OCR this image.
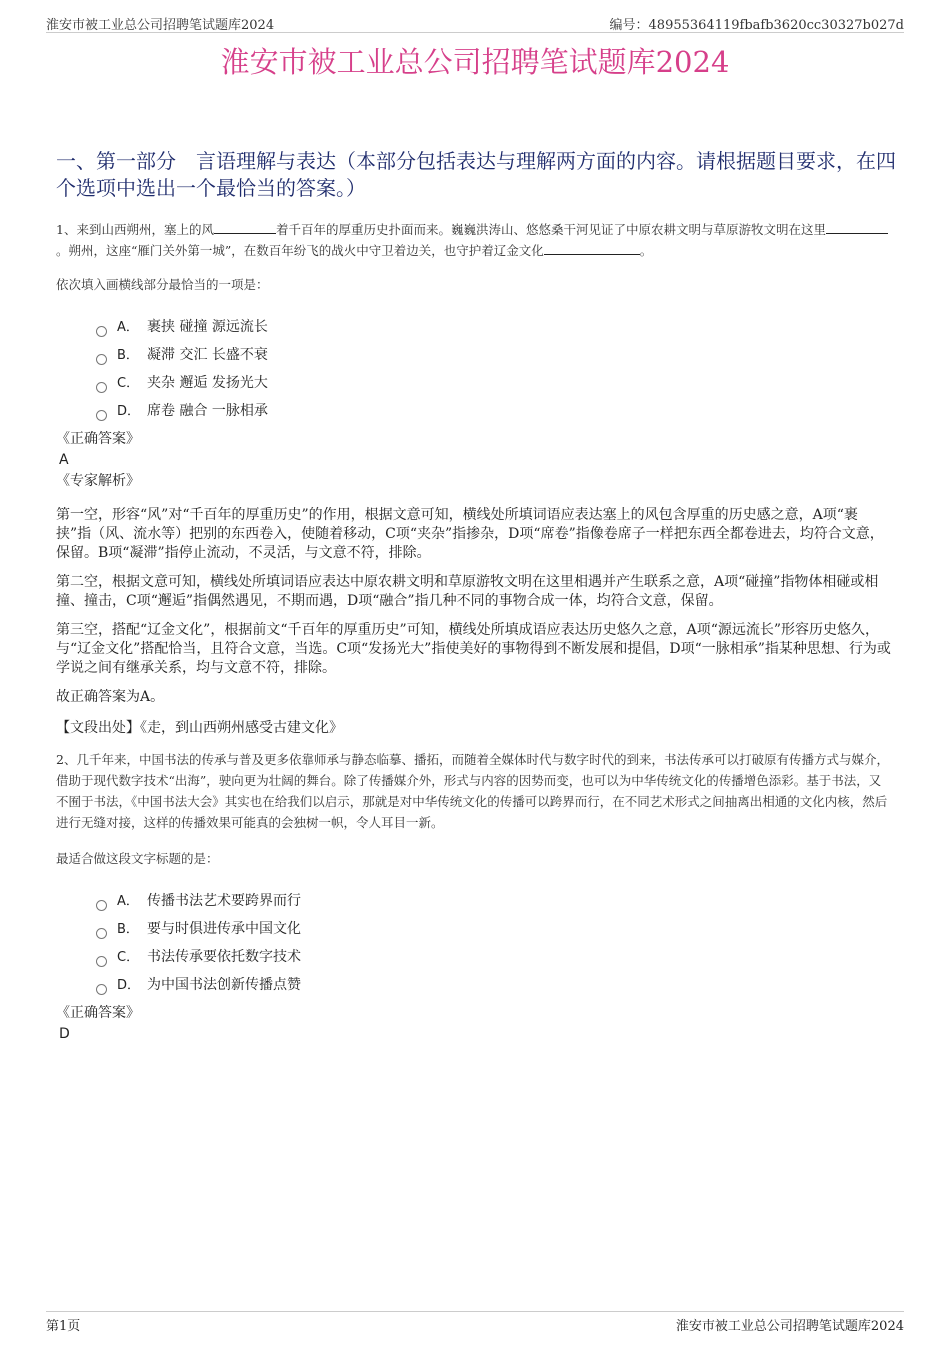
淮安巿被工业总公司招聘笔试题库2024	编号：48955364119fbafb3620cc30327b027d
淮安巿被工业总公司招聘笔试题库2024
一、第一部分　言语理解与表达（本部分包括表达与理解两方面的内容。请根据题目要求，在四个选项中选出一个最恰当的答案。）

1、来到山西朔州，塞上的风	着千百年的厚重历史扑面而来。巍巍洪涛山、悠悠桑干河见证了中原农耕文明与草原游牧文明在这里。朔州，这座“雁门关外第一城”，在数百年纷飞的战火中守卫着边关，也守护着辽金文化	。

依次填入画横线部分最恰当的一项是：

A． 裹挟 碰撞 源远流长
B． 凝滞 交汇 长盛不衰
C． 夹杂 邂逅 发扬光大
D． 席卷 融合 一脉相承

《正确答案》

A

《专家解析》

第一空，形容“风”对“千百年的厚重历史”的作用，根据文意可知，横线处所填词语应表达塞上的风包含厚重的历史感之意，A项“裹挟”指（风、流水等）把别的东西卷入，使随着移动，C项“夹杂”指掺杂，D项“席卷”指像卷席子一样把东西全都卷进去，均符合文意，保留。B项“凝滞”指停止流动，不灵活，与文意不符，排除。

第二空，根据文意可知，横线处所填词语应表达中原农耕文明和草原游牧文明在这里相遇并产生联系之意，A项“碰撞”指物体相碰或相撞、撞击，C项“邂逅”指偶然遇见，不期而遇，D项“融合”指几种不同的事物合成一体，均符合文意，保留。

第三空，搭配“辽金文化”，根据前文“千百年的厚重历史”可知，横线处所填成语应表达历史悠久之意，A项“源远流长”形容历史悠久，与“辽金文化”搭配恰当，且符合文意，当选。C项“发扬光大”指使美好的事物得到不断发展和提倡，D项“一脉相承”指某种思想、行为或学说之间有继承关系，均与文意不符，排除。

故正确答案为A。

【文段出处】《走，到山西朔州感受古建文化》

2、几千年来，中国书法的传承与普及更多依靠师承与静态临摹、播拓，而随着全媒体时代与数字时代的到来，书法传承可以打破原有传播方式与媒介，借助于现代数字技术“出海”，驶向更为壮阔的舞台。除了传播媒介外，形式与内容的因势而变，也可以为中华传统文化的传播增色添彩。基于书法，又不囿于书法，《中国书法大会》其实也在给我们以启示，那就是对中华传统文化的传播可以跨界而行，在不同艺术形式之间抽离出相通的文化内核，然后进行无缝对接，这样的传播效果可能真的会独树一帜，令人耳目一新。

最适合做这段文字标题的是：

A． 传播书法艺术要跨界而行
B． 要与时俱进传承中国文化
C． 书法传承要依托数字技术
D． 为中国书法创新传播点赞

《正确答案》

D

第1页	淮安巿被工业总公司招聘笔试题库2024
